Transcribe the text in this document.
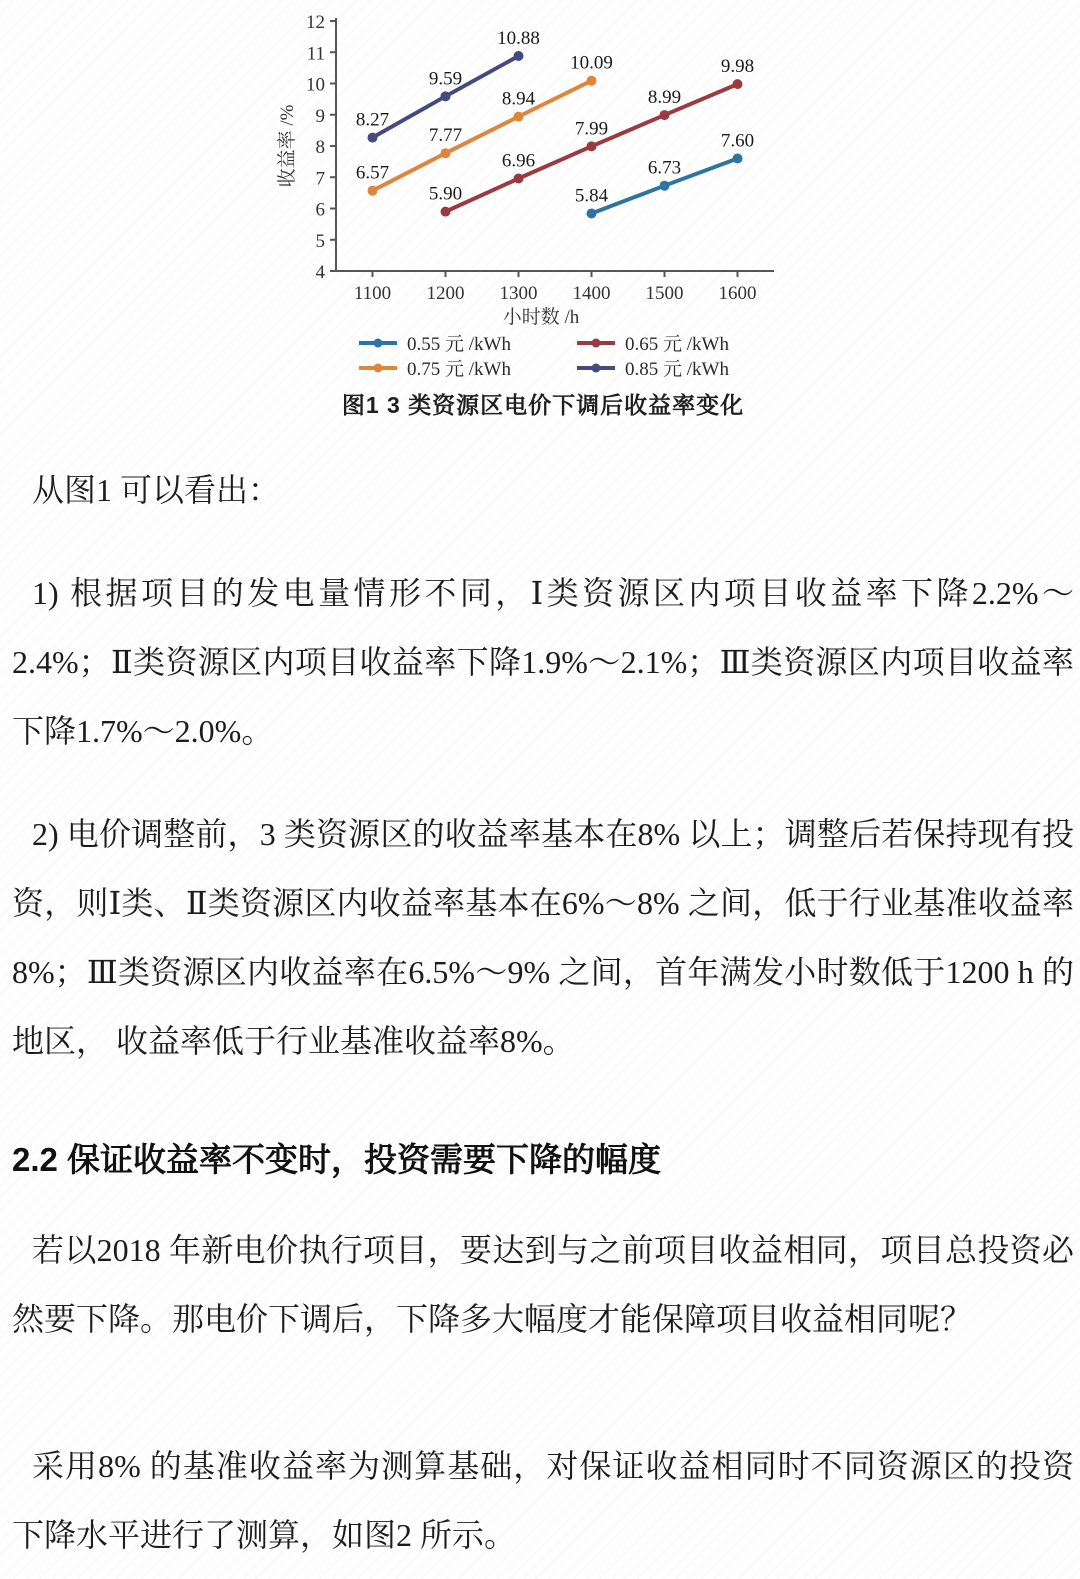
4
5
6
7
8
9
10
11
12
1100 1200 1300 1400 1500 1600
小时数 /h
收益率 /%
5.84
6.73
7.60
5.90
6.96
7.99
8.99
9.98
6.57
7.77
8.94
10.09
8.27
9.59
10.88
0.55 元 /kWh	0.65 元 /kWh
0.75 元 /kWh	0.85 元 /kWh
图1 3 类资源区电价下调后收益率变化

从图1 可以看出：

1) 根据项目的发电量情形不同，Ⅰ类资源区内项目收益率下降2.2%～2.4%；Ⅱ类资源区内项目收益率下降1.9%～2.1%；Ⅲ类资源区内项目收益率下降1.7%～2.0%。

2) 电价调整前，3 类资源区的收益率基本在8% 以上；调整后若保持现有投资，则Ⅰ类、Ⅱ类资源区内收益率基本在6%～8% 之间，低于行业基准收益率8%；Ⅲ类资源区内收益率在6.5%～9% 之间，首年满发小时数低于1200 h 的地区， 收益率低于行业基准收益率8%。

2.2 保证收益率不变时，投资需要下降的幅度

若以2018 年新电价执行项目，要达到与之前项目收益相同，项目总投资必然要下降。那电价下调后，下降多大幅度才能保障项目收益相同呢？

采用8% 的基准收益率为测算基础，对保证收益相同时不同资源区的投资下降水平进行了测算，如图2 所示。
